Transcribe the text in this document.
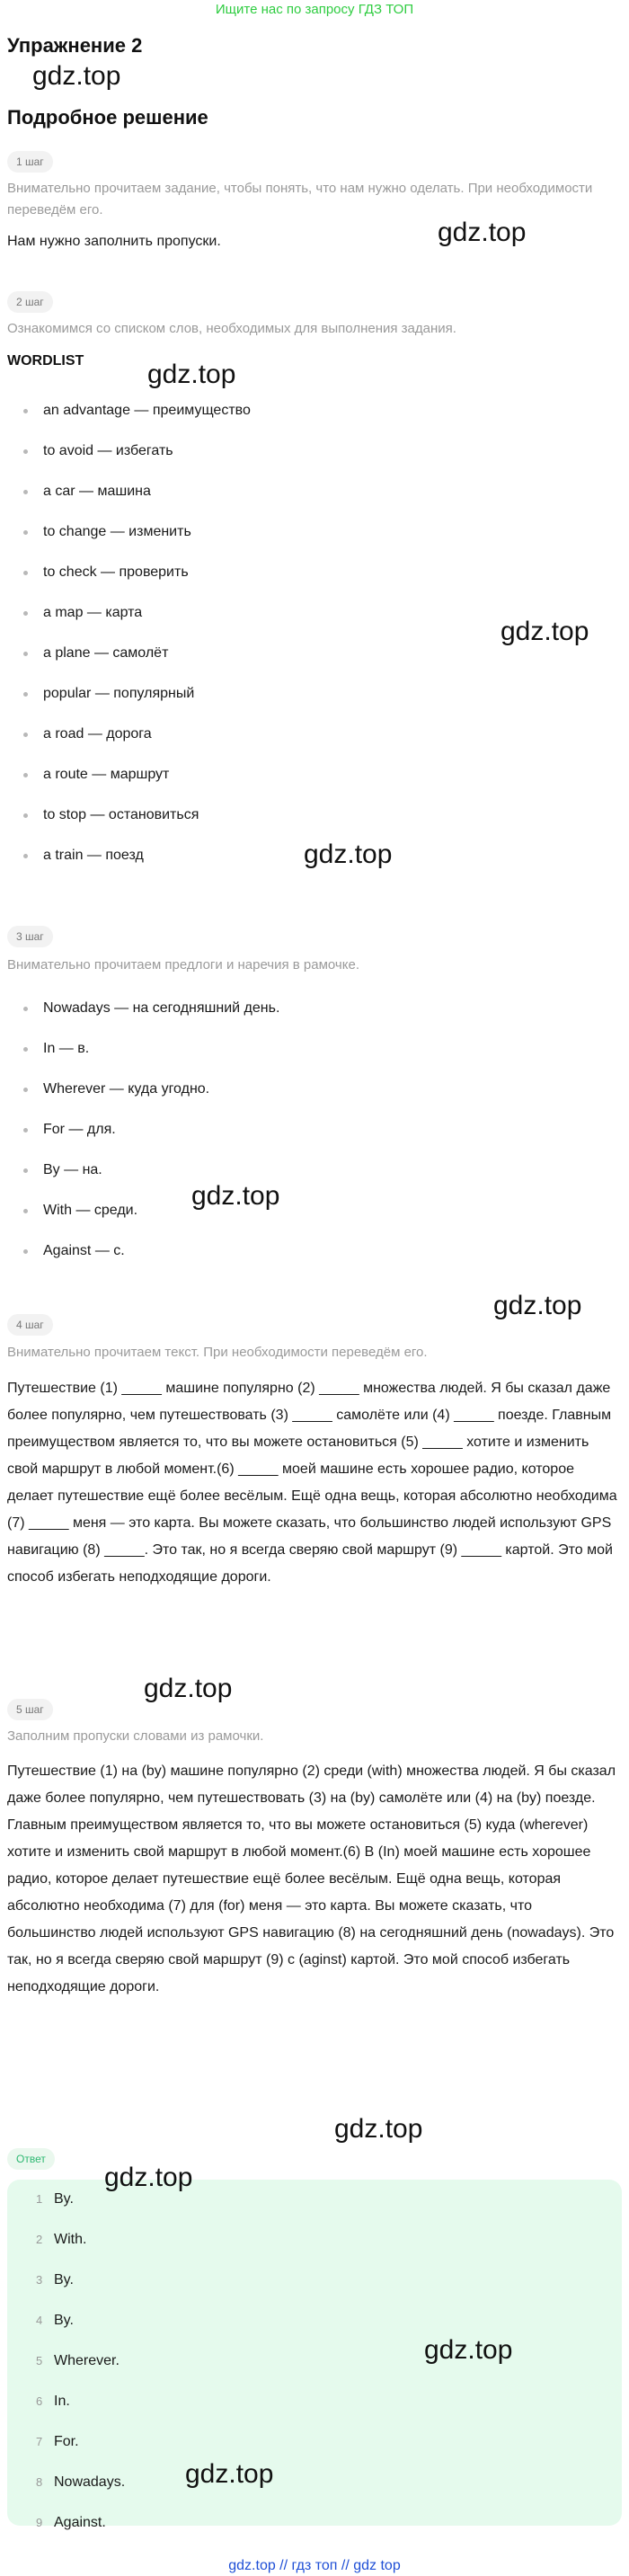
Ищите нас по запросу ГДЗ ТОП
Упражнение 2
gdz.top
Подробное решение
1 шаг
Внимательно прочитаем задание, чтобы понять, что нам нужно оделать. При необходимости переведём его.
Нам нужно заполнить пропуски.	gdz.top
2 шаг
Ознакомимся со списком слов, необходимых для выполнения задания.
WORDLIST gdz.top
an advantage — преимущество
to avoid — избегать
a car — машина
to change — изменить
to check — проверить
a map — карта
a plane — самолёт
popular — популярный
a road — дорога
a route — маршрут
to stop — остановиться
a train — поезд
gdz.top
gdz.top
3 шаг
Внимательно прочитаем предлоги и наречия в рамочке.
Nowadays — на сегодняшний день.
In — в.
Wherever — куда угодно.
For — для.
By — на.
With — среди.
Against — с.
gdz.top
gdz.top
4 шаг
Внимательно прочитаем текст. При необходимости переведём его.
Путешествие (1) _____ машине популярно (2) _____ множества людей. Я бы сказал даже более популярно, чем путешествовать (3) _____ самолёте или (4) _____ поезде. Главным преимуществом является то, что вы можете остановиться (5) _____ хотите и изменить свой маршрут в любой момент.(6) _____ моей машине есть хорошее радио, которое делает путешествие ещё более весёлым. Ещё одна вещь, которая абсолютно необходима (7) _____ меня — это карта. Вы можете сказать, что большинство людей используют GPS навигацию (8) _____. Это так, но я всегда сверяю свой маршрут (9) _____ картой. Это мой способ избегать неподходящие дороги.
gdz.top
5 шаг
Заполним пропуски словами из рамочки.
Путешествие (1) на (by) машине популярно (2) среди (with) множества людей. Я бы сказал даже более популярно, чем путешествовать (3) на (by) самолёте или (4) на (by) поезде. Главным преимуществом является то, что вы можете остановиться (5) куда (wherever) хотите и изменить свой маршрут в любой момент.(6) В (In) моей машине есть хорошее радио, которое делает путешествие ещё более весёлым. Ещё одна вещь, которая абсолютно необходима (7) для (for) меня — это карта. Вы можете сказать, что большинство людей используют GPS навигацию (8) на сегодняшний день (nowadays). Это так, но я всегда сверяю свой маршрут (9) с (aginst) картой. Это мой способ избегать неподходящие дороги.
Ответ
gdz.top
1 By.
2 With.
3 By.
4 By.
5 Wherever.
6 In.
7 For.
8 Nowadays.
9 Against.
gdz.top
gdz.top
gdz.top
gdz.top // гдз топ // gdz top
